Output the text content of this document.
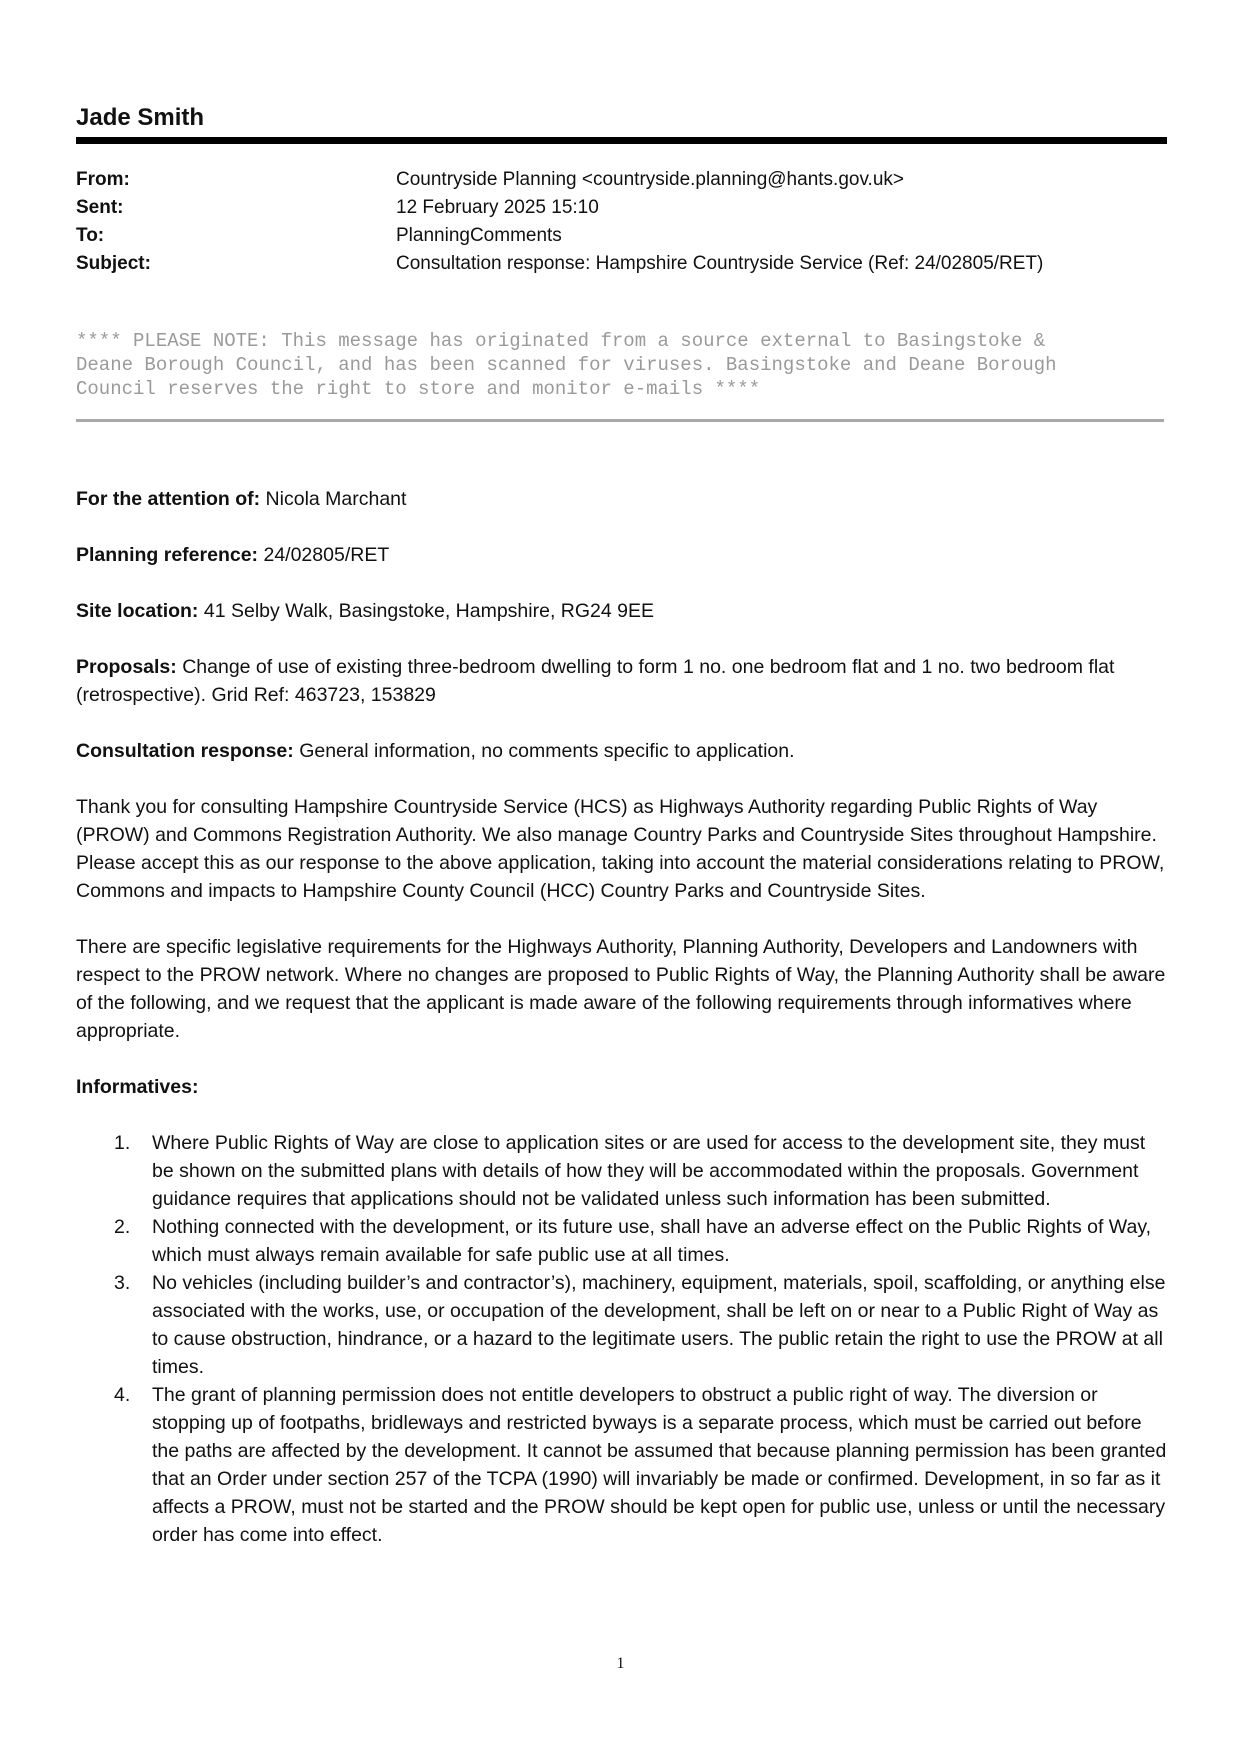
Jade Smith
From:	Countryside Planning <countryside.planning@hants.gov.uk>
Sent:	12 February 2025 15:10
To:	PlanningComments
Subject:	Consultation response: Hampshire Countryside Service (Ref: 24/02805/RET)
**** PLEASE NOTE: This message has originated from a source external to Basingstoke &
Deane Borough Council, and has been scanned for viruses. Basingstoke and Deane Borough
Council reserves the right to store and monitor e-mails ****

For the attention of: Nicola Marchant

Planning reference: 24/02805/RET

Site location: 41 Selby Walk, Basingstoke, Hampshire, RG24 9EE

Proposals: Change of use of existing three-bedroom dwelling to form 1 no. one bedroom flat and 1 no. two bedroom flat (retrospective). Grid Ref: 463723, 153829

Consultation response: General information, no comments specific to application.

Thank you for consulting Hampshire Countryside Service (HCS) as Highways Authority regarding Public Rights of Way (PROW) and Commons Registration Authority. We also manage Country Parks and Countryside Sites throughout Hampshire. Please accept this as our response to the above application, taking into account the material considerations relating to PROW, Commons and impacts to Hampshire County Council (HCC) Country Parks and Countryside Sites.

There are specific legislative requirements for the Highways Authority, Planning Authority, Developers and Landowners with respect to the PROW network. Where no changes are proposed to Public Rights of Way, the Planning Authority shall be aware of the following, and we request that the applicant is made aware of the following requirements through informatives where appropriate.

Informatives:

1. Where Public Rights of Way are close to application sites or are used for access to the development site, they must be shown on the submitted plans with details of how they will be accommodated within the proposals. Government guidance requires that applications should not be validated unless such information has been submitted.
2. Nothing connected with the development, or its future use, shall have an adverse effect on the Public Rights of Way, which must always remain available for safe public use at all times.
3. No vehicles (including builder’s and contractor’s), machinery, equipment, materials, spoil, scaffolding, or anything else associated with the works, use, or occupation of the development, shall be left on or near to a Public Right of Way as to cause obstruction, hindrance, or a hazard to the legitimate users. The public retain the right to use the PROW at all times.
4. The grant of planning permission does not entitle developers to obstruct a public right of way. The diversion or stopping up of footpaths, bridleways and restricted byways is a separate process, which must be carried out before the paths are affected by the development. It cannot be assumed that because planning permission has been granted that an Order under section 257 of the TCPA (1990) will invariably be made or confirmed. Development, in so far as it affects a PROW, must not be started and the PROW should be kept open for public use, unless or until the necessary order has come into effect.
1
